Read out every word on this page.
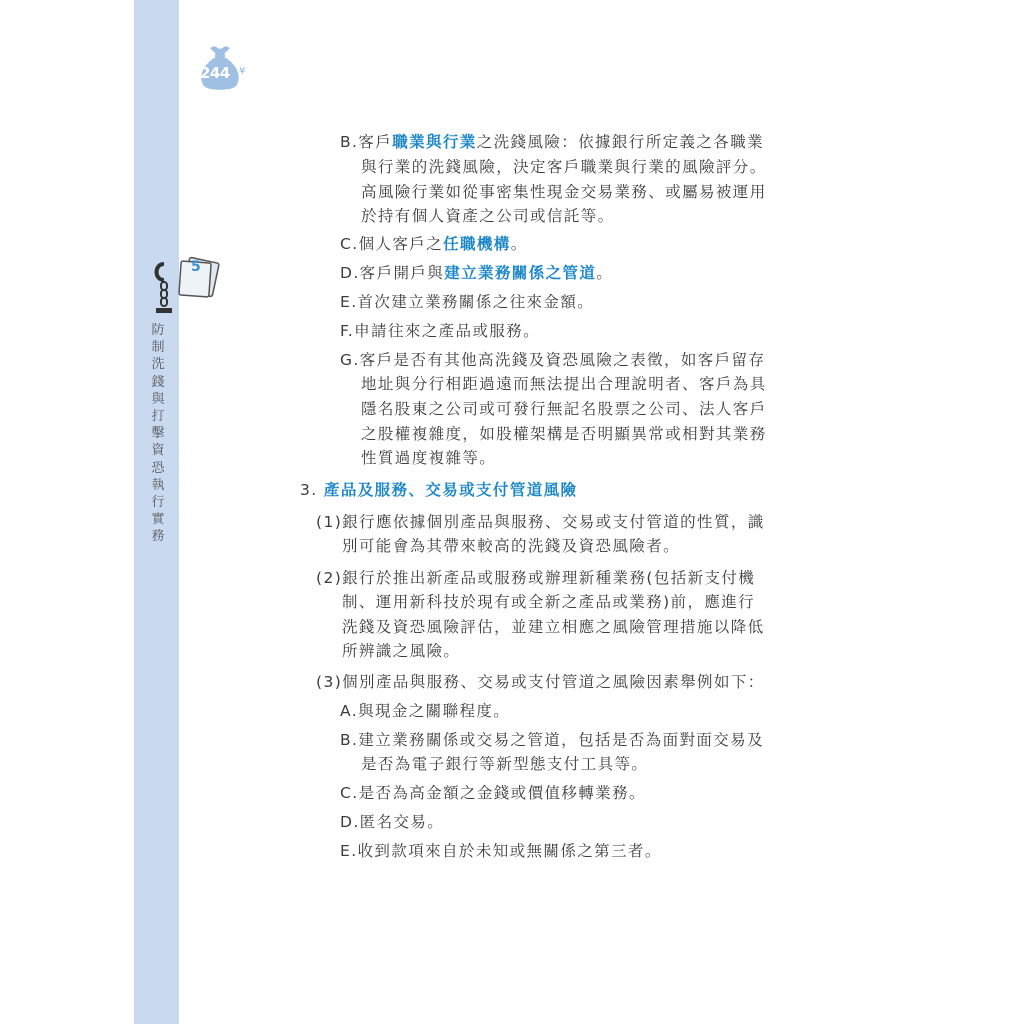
244 ¥
5
防制洗錢與打擊資恐執行實務
B.客戶職業與行業之洗錢風險：依據銀行所定義之各職業
與行業的洗錢風險，決定客戶職業與行業的風險評分。
高風險行業如從事密集性現金交易業務、或屬易被運用
於持有個人資產之公司或信託等。
C.個人客戶之任職機構。
D.客戶開戶與建立業務關係之管道。
E.首次建立業務關係之往來金額。
F.申請往來之產品或服務。
G.客戶是否有其他高洗錢及資恐風險之表徵，如客戶留存
地址與分行相距過遠而無法提出合理說明者、客戶為具
隱名股東之公司或可發行無記名股票之公司、法人客戶
之股權複雜度，如股權架構是否明顯異常或相對其業務
性質過度複雜等。
3. 產品及服務、交易或支付管道風險
(1)銀行應依據個別產品與服務、交易或支付管道的性質，識
別可能會為其帶來較高的洗錢及資恐風險者。
(2)銀行於推出新產品或服務或辦理新種業務(包括新支付機
制、運用新科技於現有或全新之產品或業務)前，應進行
洗錢及資恐風險評估，並建立相應之風險管理措施以降低
所辨識之風險。
(3)個別產品與服務、交易或支付管道之風險因素舉例如下：
A.與現金之關聯程度。
B.建立業務關係或交易之管道，包括是否為面對面交易及
是否為電子銀行等新型態支付工具等。
C.是否為高金額之金錢或價值移轉業務。
D.匿名交易。
E.收到款項來自於未知或無關係之第三者。
